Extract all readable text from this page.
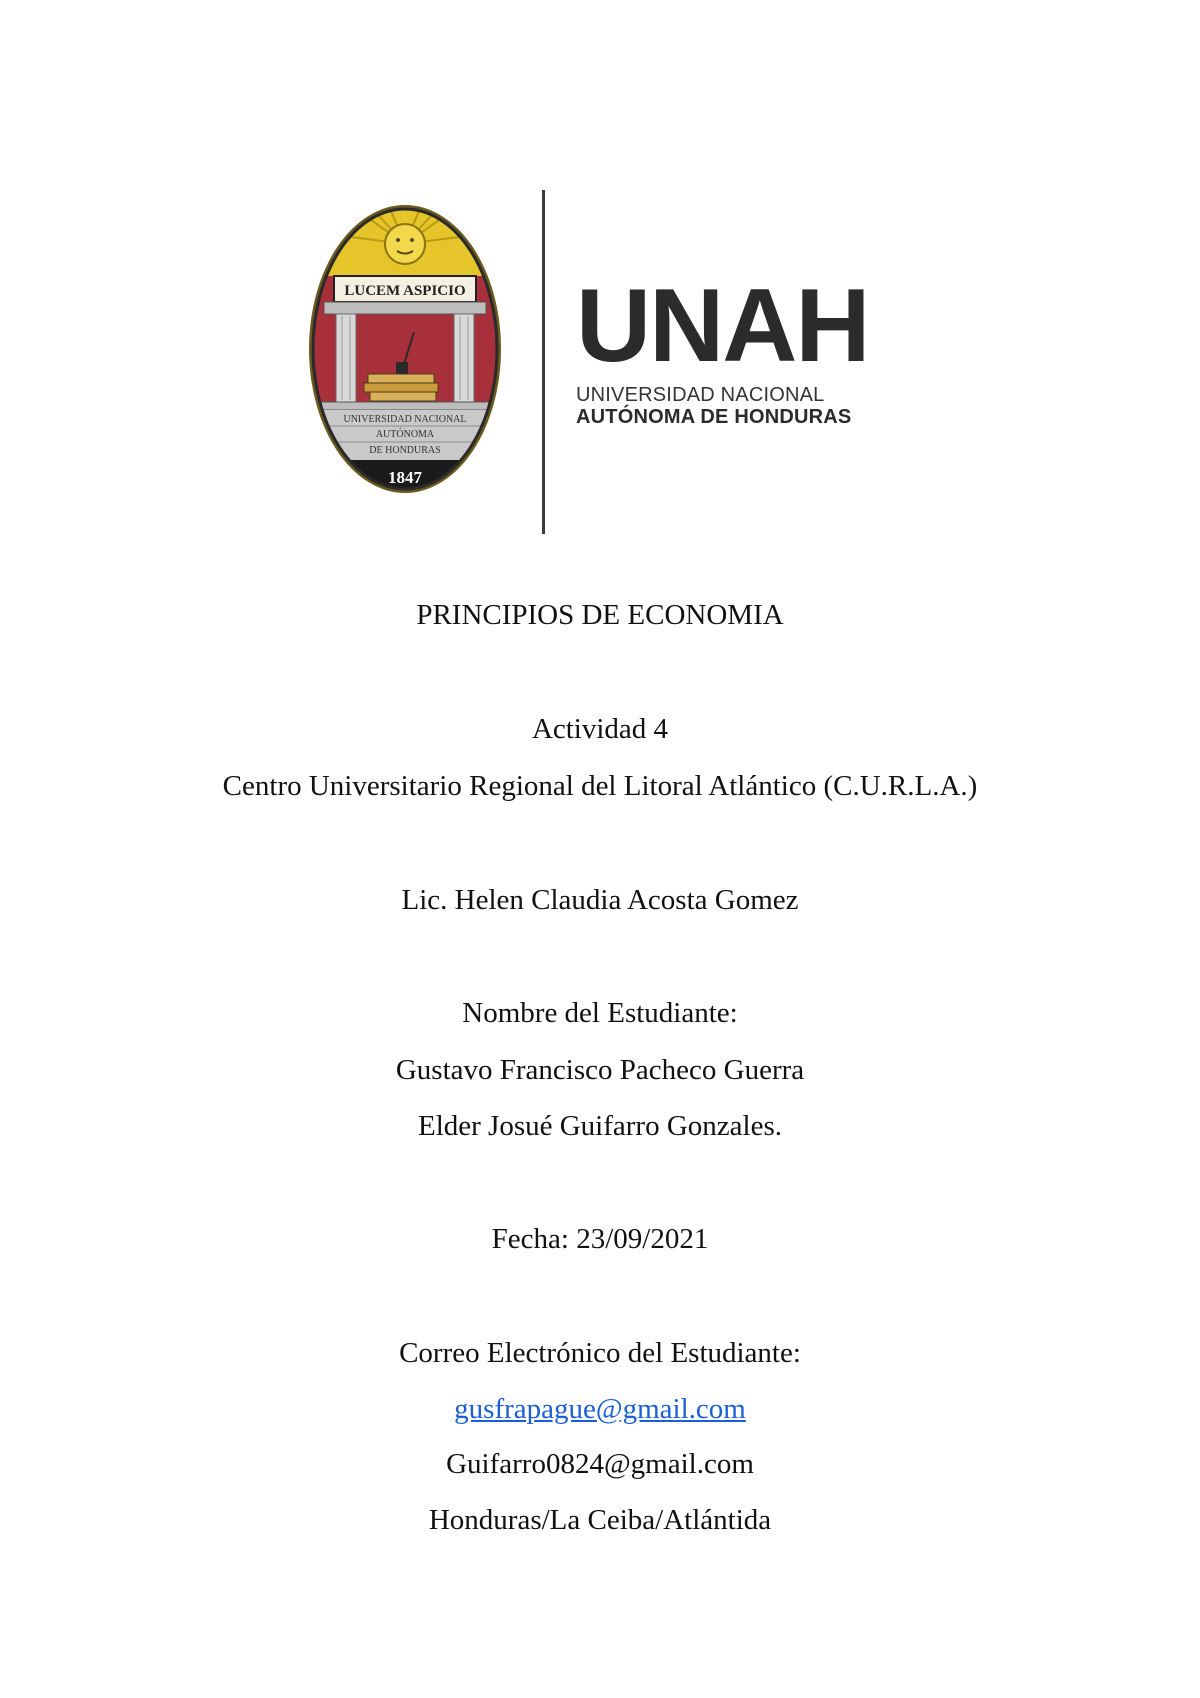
LUCEM ASPICIO
UNIVERSIDAD NACIONAL
AUTÓNOMA
DE HONDURAS
1847
UNAH
UNIVERSIDAD NACIONAL
AUTÓNOMA DE HONDURAS
PRINCIPIOS DE ECONOMIA
Actividad 4
Centro Universitario Regional del Litoral Atlántico (C.U.R.L.A.)
Lic. Helen Claudia Acosta Gomez
Nombre del Estudiante:
Gustavo Francisco Pacheco Guerra
Elder Josué Guifarro Gonzales.
Fecha: 23/09/2021
Correo Electrónico del Estudiante:
gusfrapague@gmail.com
Guifarro0824@gmail.com
Honduras/La Ceiba/Atlántida
